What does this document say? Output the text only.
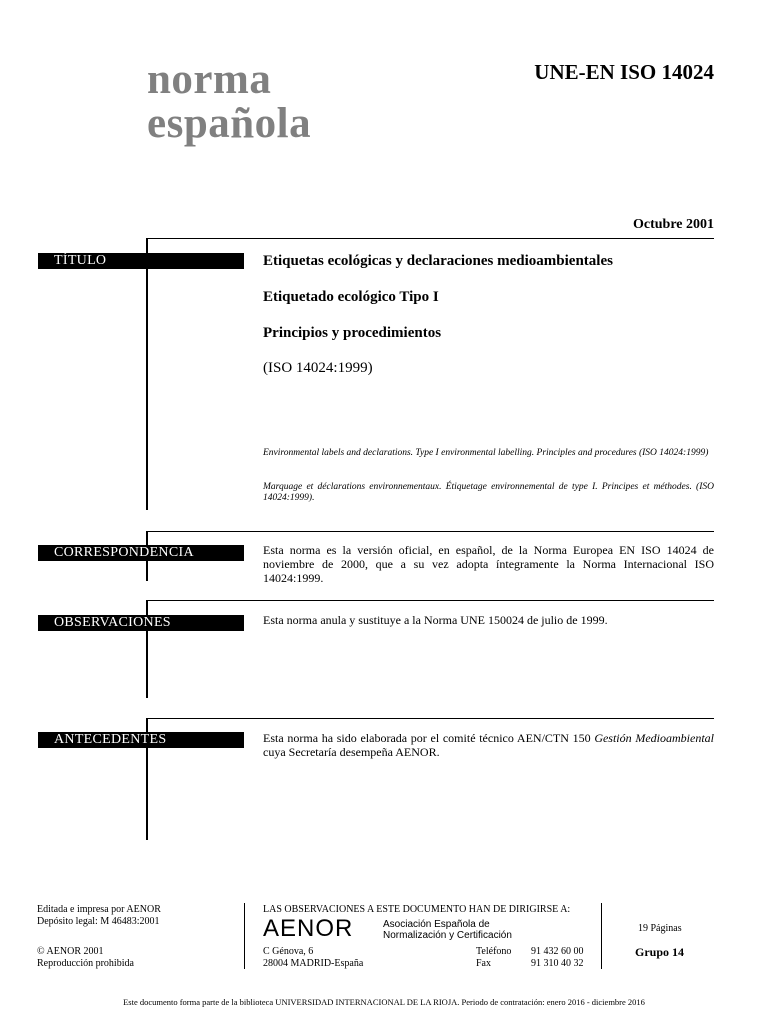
norma
española
UNE-EN ISO 14024
Octubre 2001
TÍTULO	Etiquetas ecológicas y declaraciones medioambientales
Etiquetado ecológico Tipo I
Principios y procedimientos
(ISO 14024:1999)
Environmental labels and declarations. Type I environmental labelling. Principles and procedures (ISO 14024:1999)
Marquage et déclarations environnementaux. Étiquetage environnemental de type I. Principes et méthodes. (ISO 14024:1999).
CORRESPONDENCIA	Esta norma es la versión oficial, en español, de la Norma Europea EN ISO 14024 de noviembre de 2000, que a su vez adopta íntegramente la Norma Internacional ISO 14024:1999.
OBSERVACIONES	Esta norma anula y sustituye a la Norma UNE 150024 de julio de 1999.
ANTECEDENTES	Esta norma ha sido elaborada por el comité técnico AEN/CTN 150 Gestión Medioambiental cuya Secretaría desempeña AENOR.
Editada e impresa por AENOR
Depósito legal: M 46483:2001
© AENOR 2001
Reproducción prohibida
LAS OBSERVACIONES A ESTE DOCUMENTO HAN DE DIRIGIRSE A:
AENOR	Asociación Española de
Normalización y Certificación
C Génova, 6
28004 MADRID-España
Teléfono 91 432 60 00
Fax	91 310 40 32
19 Páginas
Grupo 14
Este documento forma parte de la biblioteca UNIVERSIDAD INTERNACIONAL DE LA RIOJA. Periodo de contratación: enero 2016 - diciembre 2016
